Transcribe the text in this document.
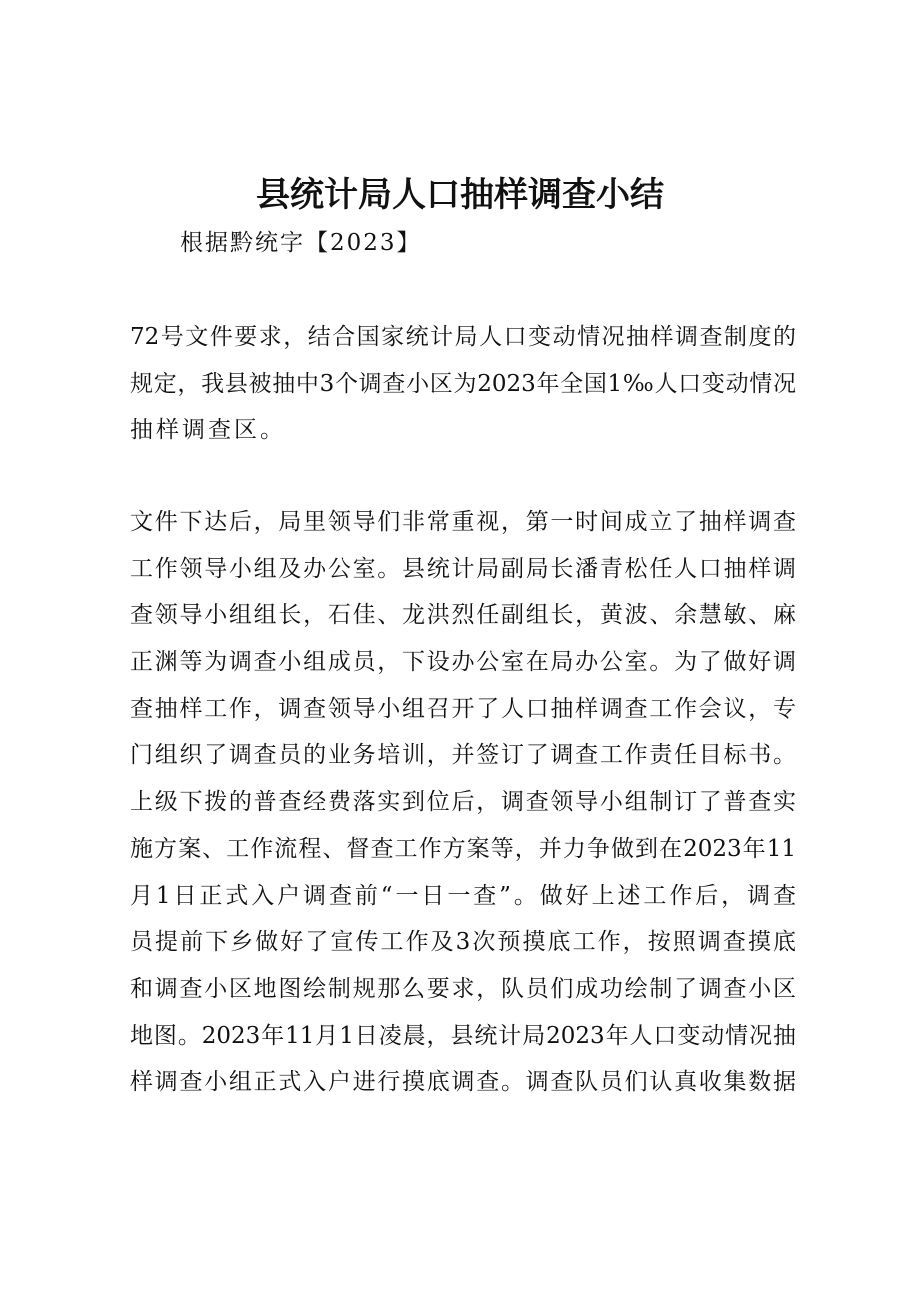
县统计局人口抽样调查小结
根据黔统字【2023】
72号文件要求，结合国家统计局人口变动情况抽样调查制度的
规定，我县被抽中3个调查小区为2023年全国1‰人口变动情况
抽样调查区。
文件下达后，局里领导们非常重视，第一时间成立了抽样调查
工作领导小组及办公室。县统计局副局长潘青松任人口抽样调
查领导小组组长，石佳、龙洪烈任副组长，黄波、余慧敏、麻
正渊等为调查小组成员，下设办公室在局办公室。为了做好调
查抽样工作，调查领导小组召开了人口抽样调查工作会议，专
门组织了调查员的业务培训，并签订了调查工作责任目标书。
上级下拨的普查经费落实到位后，调查领导小组制订了普查实
施方案、工作流程、督查工作方案等，并力争做到在2023年11
月1日正式入户调查前“一日一查”。做好上述工作后，调查
员提前下乡做好了宣传工作及3次预摸底工作，按照调查摸底
和调查小区地图绘制规那么要求，队员们成功绘制了调查小区
地图。2023年11月1日凌晨，县统计局2023年人口变动情况抽
样调查小组正式入户进行摸底调查。调查队员们认真收集数据
